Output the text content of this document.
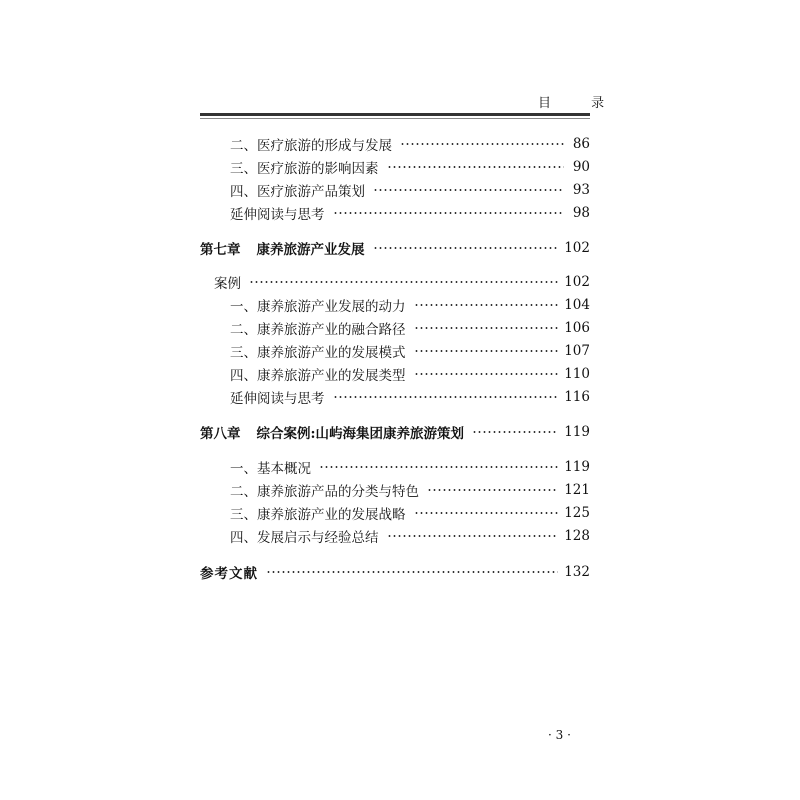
目 录
二、医疗旅游的形成与发展	86
三、医疗旅游的影响因素	90
四、医疗旅游产品策划	93
延伸阅读与思考	98
第七章 康养旅游产业发展	102
案例	102
一、康养旅游产业发展的动力	104
二、康养旅游产业的融合路径	106
三、康养旅游产业的发展模式	107
四、康养旅游产业的发展类型	110
延伸阅读与思考	116
第八章 综合案例:山屿海集团康养旅游策划	119
一、基本概况	119
二、康养旅游产品的分类与特色	121
三、康养旅游产业的发展战略	125
四、发展启示与经验总结	128
参考文献	132
· 3 ·
